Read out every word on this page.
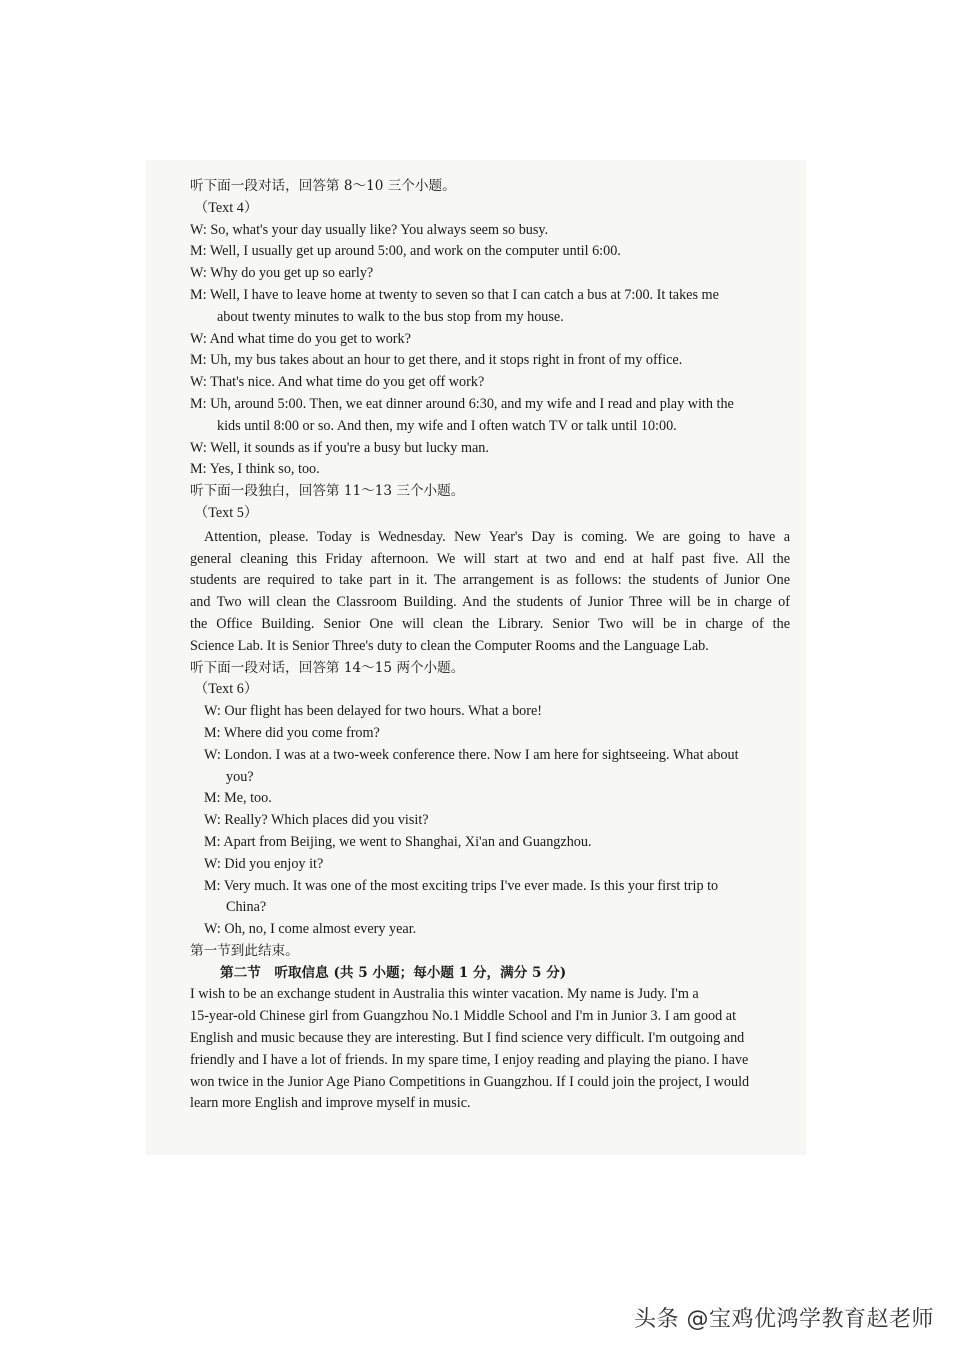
听下面一段对话，回答第 8～10 三个小题。
（Text 4）
W: So, what's your day usually like? You always seem so busy.
M: Well, I usually get up around 5:00, and work on the computer until 6:00.
W: Why do you get up so early?
M: Well, I have to leave home at twenty to seven so that I can catch a bus at 7:00. It takes me
about twenty minutes to walk to the bus stop from my house.
W: And what time do you get to work?
M: Uh, my bus takes about an hour to get there, and it stops right in front of my office.
W: That's nice. And what time do you get off work?
M: Uh, around 5:00. Then, we eat dinner around 6:30, and my wife and I read and play with the
kids until 8:00 or so. And then, my wife and I often watch TV or talk until 10:00.
W: Well, it sounds as if you're a busy but lucky man.
M: Yes, I think so, too.
听下面一段独白，回答第 11～13 三个小题。
（Text 5）
Attention, please. Today is Wednesday. New Year's Day is coming. We are going to have a
general cleaning this Friday afternoon. We will start at two and end at half past five. All the
students are required to take part in it. The arrangement is as follows: the students of Junior One
and Two will clean the Classroom Building. And the students of Junior Three will be in charge of
the Office Building. Senior One will clean the Library. Senior Two will be in charge of the
Science Lab. It is Senior Three's duty to clean the Computer Rooms and the Language Lab.
听下面一段对话，回答第 14～15 两个小题。
（Text 6）
W: Our flight has been delayed for two hours. What a bore!
M: Where did you come from?
W: London. I was at a two-week conference there. Now I am here for sightseeing. What about
you?
M: Me, too.
W: Really? Which places did you visit?
M: Apart from Beijing, we went to Shanghai, Xi'an and Guangzhou.
W: Did you enjoy it?
M: Very much. It was one of the most exciting trips I've ever made. Is this your first trip to
China?
W: Oh, no, I come almost every year.
第一节到此结束。
第二节　听取信息 (共 5 小题；每小题 1 分，满分 5 分)
I wish to be an exchange student in Australia this winter vacation. My name is Judy. I'm a
15-year-old Chinese girl from Guangzhou No.1 Middle School and I'm in Junior 3. I am good at
English and music because they are interesting. But I find science very difficult. I'm outgoing and
friendly and I have a lot of friends. In my spare time, I enjoy reading and playing the piano. I have
won twice in the Junior Age Piano Competitions in Guangzhou. If I could join the project, I would
learn more English and improve myself in music.
头条 @宝鸡优鸿学教育赵老师
